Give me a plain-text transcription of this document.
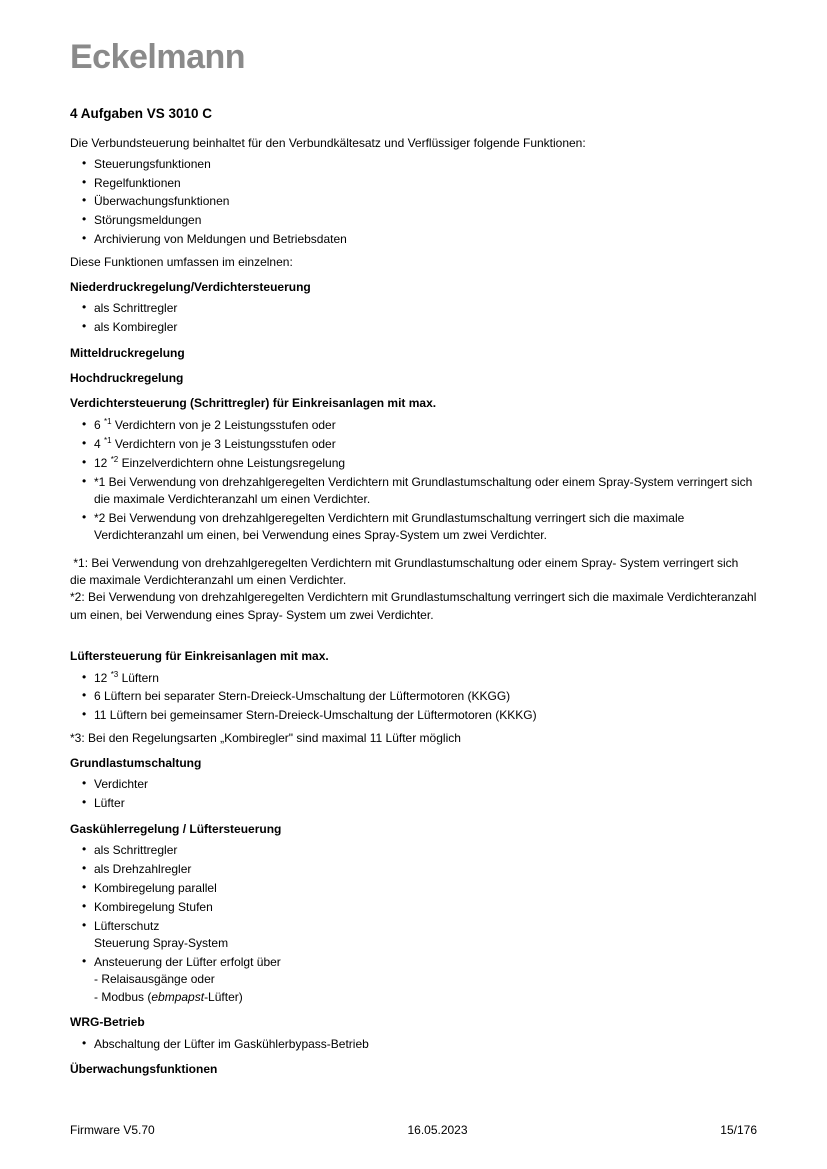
Eckelmann
4 Aufgaben VS 3010 C

Die Verbundsteuerung beinhaltet für den Verbundkältesatz und Verflüssiger folgende Funktionen:

• Steuerungsfunktionen
• Regelfunktionen
• Überwachungsfunktionen
• Störungsmeldungen
• Archivierung von Meldungen und Betriebsdaten

Diese Funktionen umfassen im einzelnen:

Niederdruckregelung/Verdichtersteuerung
• als Schrittregler
• als Kombiregler
Mitteldruckregelung
Hochdruckregelung
Verdichtersteuerung (Schrittregler) für Einkreisanlagen mit max.
• 6 $^{*1}$ Verdichtern von je 2 Leistungsstufen oder
• 4 $^{*1}$ Verdichtern von je 3 Leistungsstufen oder
• 12 $^{*2}$ Einzelverdichtern ohne Leistungsregelung
• *1 Bei Verwendung von drehzahlgeregelten Verdichtern mit Grundlastumschaltung oder einem Spray-System verringert sich die maximale Verdichteranzahl um einen Verdichter.
• *2 Bei Verwendung von drehzahlgeregelten Verdichtern mit Grundlastumschaltung verringert sich die maximale Verdichteranzahl um einen, bei Verwendung eines Spray-System um zwei Verdichter.

*1: Bei Verwendung von drehzahlgeregelten Verdichtern mit Grundlastumschaltung oder einem Spray- System verringert sich die maximale Verdichteranzahl um einen Verdichter.

*2: Bei Verwendung von drehzahlgeregelten Verdichtern mit Grundlastumschaltung verringert sich die maximale Verdichteranzahl um einen, bei Verwendung eines Spray- System um zwei Verdichter.

Lüftersteuerung für Einkreisanlagen mit max.
• 12 $^{*3}$ Lüftern
• 6 Lüftern bei separater Stern-Dreieck-Umschaltung der Lüftermotoren (KKGG)
• 11 Lüftern bei gemeinsamer Stern-Dreieck-Umschaltung der Lüftermotoren (KKKG)

*3: Bei den Regelungsarten „Kombiregler" sind maximal 11 Lüfter möglich

Grundlastumschaltung
• Verdichter
• Lüfter
Gaskühlerregelung / Lüftersteuerung
• als Schrittregler
• als Drehzahlregler
• Kombiregelung parallel
• Kombiregelung Stufen
• Lüfterschutz
Steuerung Spray-System
• Ansteuerung der Lüfter erfolgt über
- Relaisausgänge oder
- Modbus (ebmpapst-Lüfter)
WRG-Betrieb
• Abschaltung der Lüfter im Gaskühlerbypass-Betrieb
Überwachungsfunktionen
Firmware V5.70	16.05.2023	15/176
